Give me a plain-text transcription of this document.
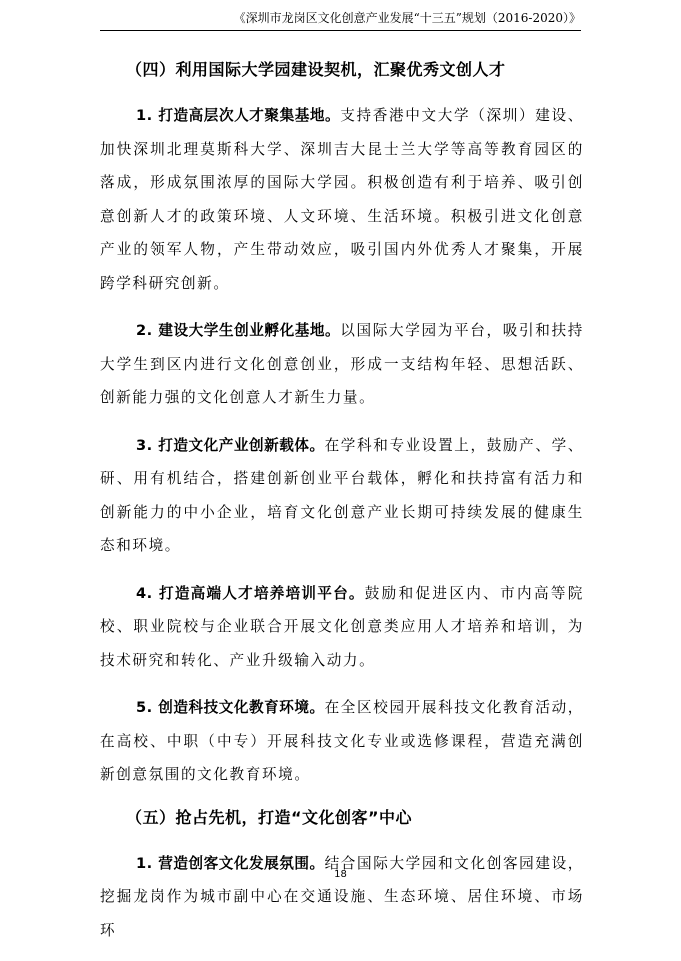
《深圳市龙岗区文化创意产业发展“十三五”规划（2016-2020）》
（四）利用国际大学园建设契机，汇聚优秀文创人才

1. 打造高层次人才聚集基地。支持香港中文大学（深圳）建设、加快深圳北理莫斯科大学、深圳吉大昆士兰大学等高等教育园区的落成，形成氛围浓厚的国际大学园。积极创造有利于培养、吸引创意创新人才的政策环境、人文环境、生活环境。积极引进文化创意产业的领军人物，产生带动效应，吸引国内外优秀人才聚集，开展跨学科研究创新。

2. 建设大学生创业孵化基地。以国际大学园为平台，吸引和扶持大学生到区内进行文化创意创业，形成一支结构年轻、思想活跃、创新能力强的文化创意人才新生力量。

3. 打造文化产业创新载体。在学科和专业设置上，鼓励产、学、研、用有机结合，搭建创新创业平台载体，孵化和扶持富有活力和创新能力的中小企业，培育文化创意产业长期可持续发展的健康生态和环境。

4. 打造高端人才培养培训平台。鼓励和促进区内、市内高等院校、职业院校与企业联合开展文化创意类应用人才培养和培训，为技术研究和转化、产业升级输入动力。

5. 创造科技文化教育环境。在全区校园开展科技文化教育活动，在高校、中职（中专）开展科技文化专业或选修课程，营造充满创新创意氛围的文化教育环境。

（五）抢占先机，打造“文化创客”中心

1. 营造创客文化发展氛围。结合国际大学园和文化创客园建设，挖掘龙岗作为城市副中心在交通设施、生态环境、居住环境、市场环

18
